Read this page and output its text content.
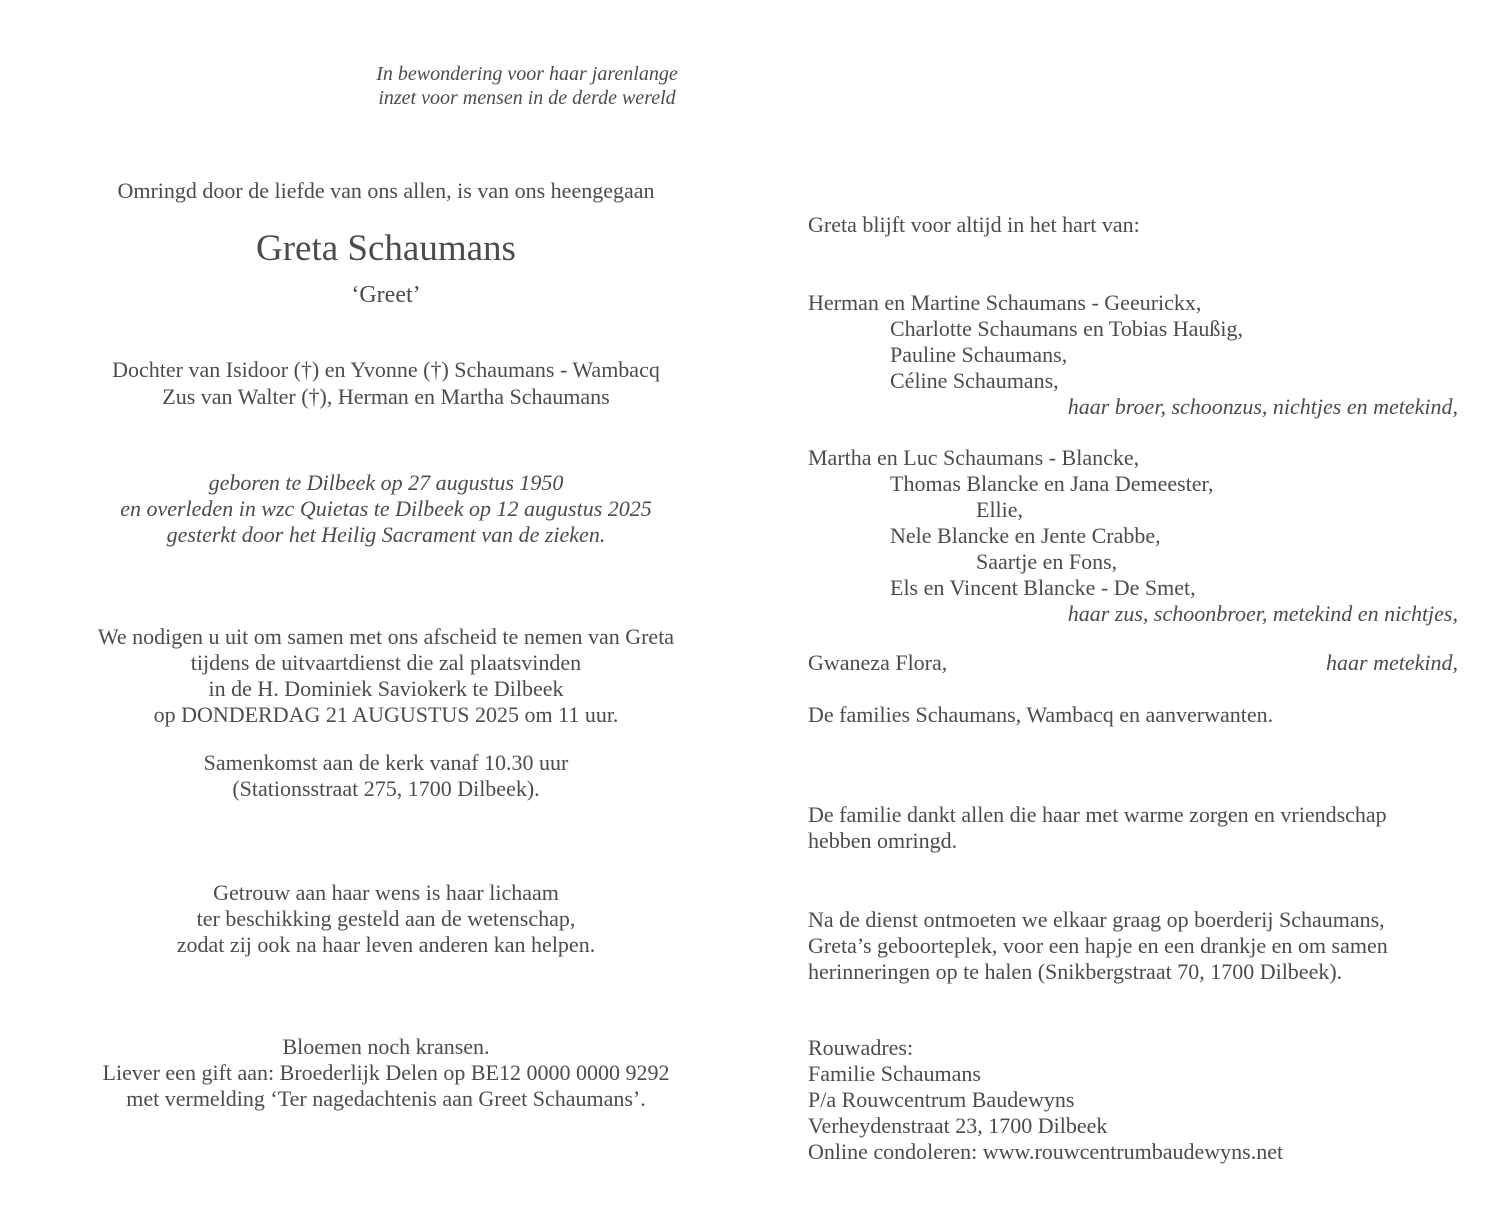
In bewondering voor haar jarenlange
inzet voor mensen in de derde wereld
Omringd door de liefde van ons allen, is van ons heengegaan
Greta Schaumans
‘Greet’
Dochter van Isidoor (†) en Yvonne (†) Schaumans - Wambacq
Zus van Walter (†), Herman en Martha Schaumans
geboren te Dilbeek op 27 augustus 1950
en overleden in wzc Quietas te Dilbeek op 12 augustus 2025
gesterkt door het Heilig Sacrament van de zieken.
We nodigen u uit om samen met ons afscheid te nemen van Greta
tijdens de uitvaartdienst die zal plaatsvinden
in de H. Dominiek Saviokerk te Dilbeek
op DONDERDAG 21 AUGUSTUS 2025 om 11 uur.
Samenkomst aan de kerk vanaf 10.30 uur
(Stationsstraat 275, 1700 Dilbeek).
Getrouw aan haar wens is haar lichaam
ter beschikking gesteld aan de wetenschap,
zodat zij ook na haar leven anderen kan helpen.
Bloemen noch kransen.
Liever een gift aan: Broederlijk Delen op BE12 0000 0000 9292
met vermelding ‘Ter nagedachtenis aan Greet Schaumans’.
Greta blijft voor altijd in het hart van:
Herman en Martine Schaumans - Geeurickx,
Charlotte Schaumans en Tobias Haußig,
Pauline Schaumans,
Céline Schaumans,
haar broer, schoonzus, nichtjes en metekind,
Martha en Luc Schaumans - Blancke,
Thomas Blancke en Jana Demeester,
Ellie,
Nele Blancke en Jente Crabbe,
Saartje en Fons,
Els en Vincent Blancke - De Smet,
haar zus, schoonbroer, metekind en nichtjes,
Gwaneza Flora,	haar metekind,
De families Schaumans, Wambacq en aanverwanten.
De familie dankt allen die haar met warme zorgen en vriendschap
hebben omringd.
Na de dienst ontmoeten we elkaar graag op boerderij Schaumans,
Greta’s geboorteplek, voor een hapje en een drankje en om samen
herinneringen op te halen (Snikbergstraat 70, 1700 Dilbeek).
Rouwadres:
Familie Schaumans
P/a Rouwcentrum Baudewyns
Verheydenstraat 23, 1700 Dilbeek
Online condoleren: www.rouwcentrumbaudewyns.net
